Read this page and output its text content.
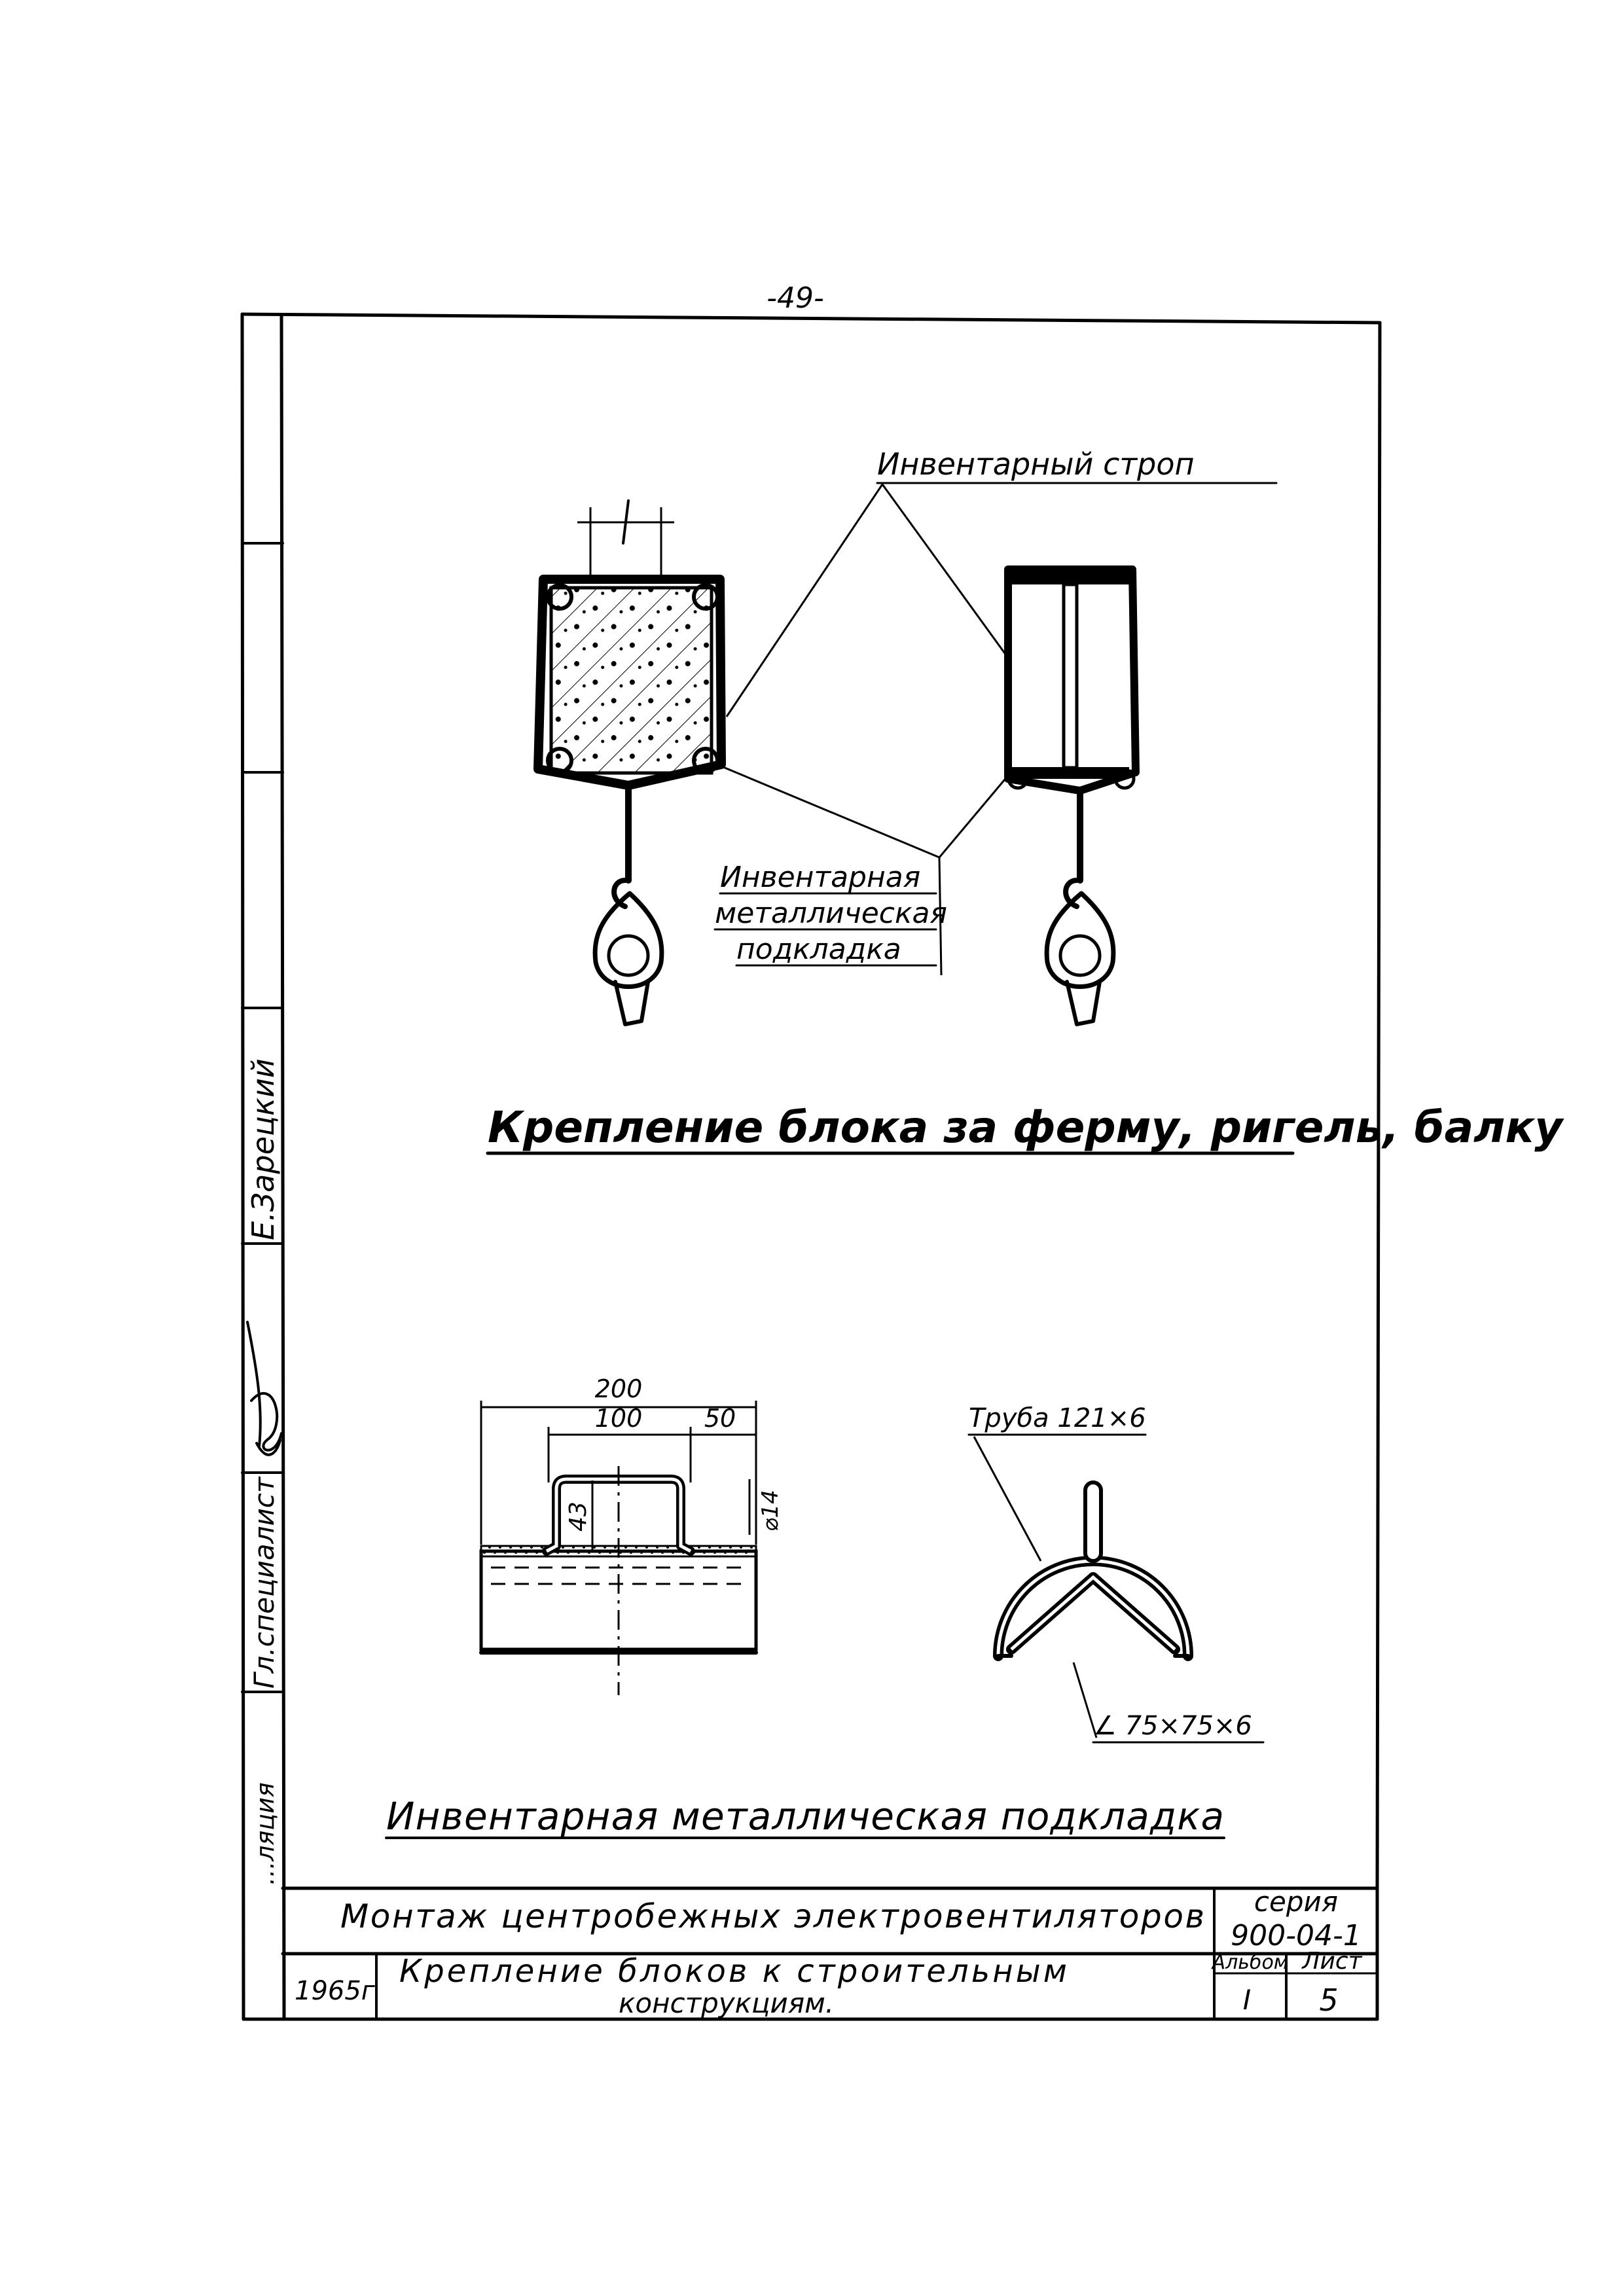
-49-
Е.Зарецкий
Гл.специалист
...ляция
Инвентарный строп
Инвентарная
металлическая
подкладка
Крепление блока за ферму, ригель, балку
200
100 50
43	⌀14
Труба 121×6
∠ 75×75×6
Инвентарная металлическая подкладка
Монтаж центробежных электровентиляторов серия
900-04-1
1965г
Крепление блоков к строительным
конструкциям.
Альбом
I
Лист
5
